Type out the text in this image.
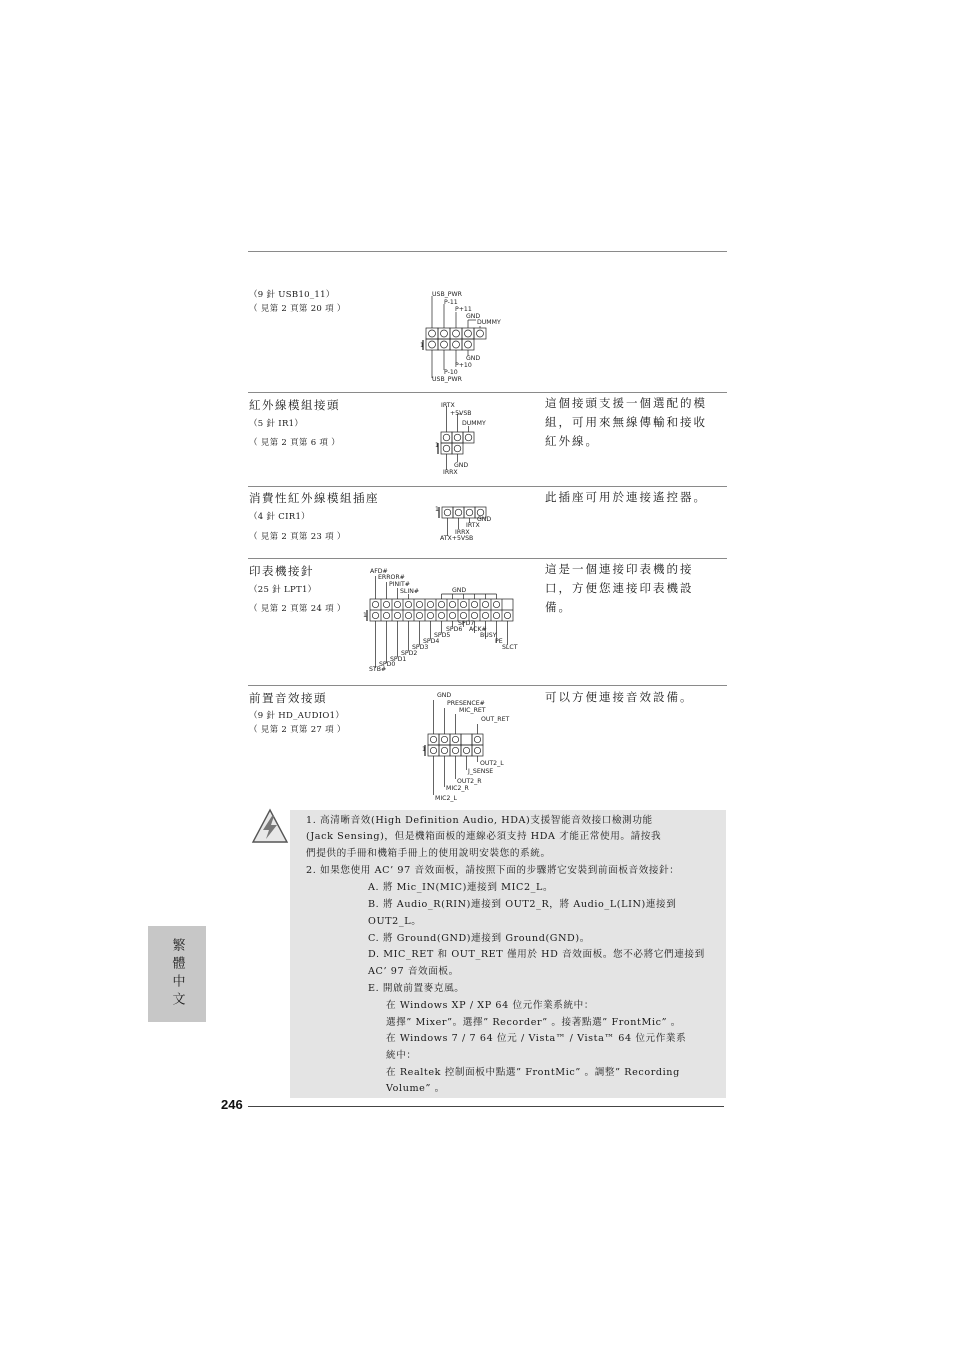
（9 針 USB10_11）
（ 見第 2 頁第 20 項 ）
USB_PWR
P-11
P+11
GND
DUMMY
GND
P+10
P-10
USB_PWR
1
紅外線模組接頭
（5 針 IR1）
（ 見第 2 頁第 6 項 ）
這個接頭支援一個選配的模組，可用來無線傳輸和接收紅外線。
IRTX
+5VSB
DUMMY
GND
IRRX
1
消費性紅外線模組插座
（4 針 CIR1）
（ 見第 2 頁第 23 項 ）
此插座可用於連接遙控器。
GND
IRTX
IRRX
ATX+5VSB
1
印表機接針
（25 針 LPT1）
（ 見第 2 頁第 24 項 ）
這是一個連接印表機的接口，方便您連接印表機設備。
AFD#
ERROR#
PINIT#
SLIN#	GND
SPD7
ACK#
BUSY
PE
SLCT
SPD6
SPD5
SPD4
SPD3
SPD2
SPD1
SPD0
STB#
1
前置音效接頭
（9 針 HD_AUDIO1）
（ 見第 2 頁第 27 項 ）
可以方便連接音效設備。
GND
PRESENCE#
MIC_RET
OUT_RET
OUT2_L
J_SENSE
OUT2_R
MIC2_R
MIC2_L
1
1. 高清晰音效(High Definition Audio, HDA)支援智能音效接口檢測功能
(Jack Sensing)，但是機箱面板的連線必須支持 HDA 才能正常使用。請按我
們提供的手冊和機箱手冊上的使用說明安裝您的系統。
2. 如果您使用 AC’ 97 音效面板，請按照下面的步驟將它安裝到前面板音效接針：
A. 將 Mic_IN(MIC)連接到 MIC2_L。
B. 將 Audio_R(RIN)連接到 OUT2_R，將 Audio_L(LIN)連接到
OUT2_L。
C. 將 Ground(GND)連接到 Ground(GND)。
D. MIC_RET 和 OUT_RET 僅用於 HD 音效面板。您不必將它們連接到
AC’ 97 音效面板。
E. 開啟前置麥克風。
在 Windows XP / XP 64 位元作業系統中：
選擇” Mixer”。選擇” Recorder” 。接著點選” FrontMic” 。
在 Windows 7 / 7 64 位元 / Vista™ / Vista™ 64 位元作業系
統中：
在 Realtek 控制面板中點選” FrontMic” 。調整” Recording
Volume” 。
繁體中文
246
